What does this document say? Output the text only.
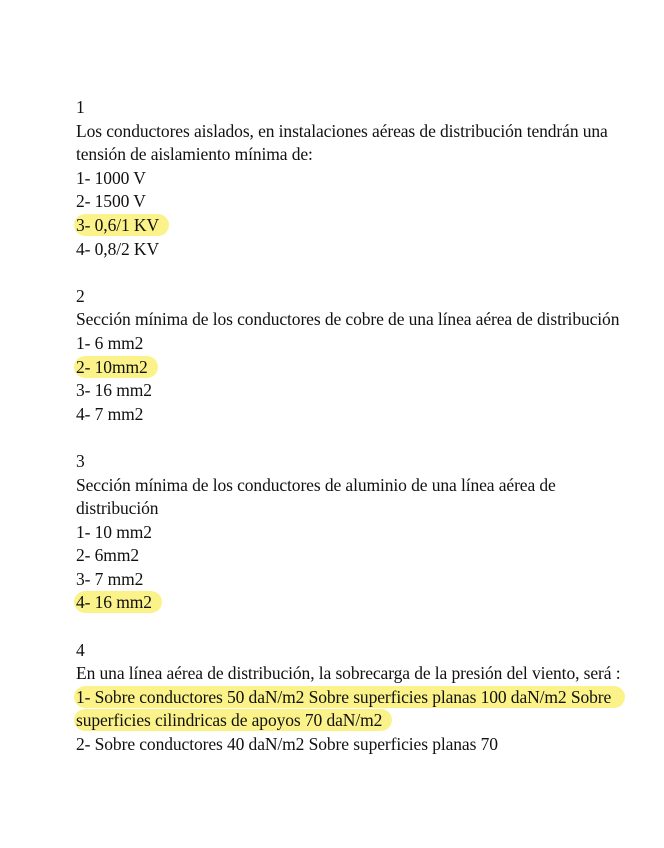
1
Los conductores aislados, en instalaciones aéreas de distribución tendrán una tensión de aislamiento mínima de:
1- 1000 V
2- 1500 V
3- 0,6/1 KV
4- 0,8/2 KV
2
Sección mínima de los conductores de cobre de una línea aérea de distribución
1- 6 mm2
2- 10mm2
3- 16 mm2
4- 7 mm2
3
Sección mínima de los conductores de aluminio de una línea aérea de distribución
1- 10 mm2
2- 6mm2
3- 7 mm2
4- 16 mm2
4
En una línea aérea de distribución, la sobrecarga de la presión del viento, será :
1- Sobre conductores 50 daN/m2 Sobre superficies planas 100 daN/m2 Sobre superficies cilindricas de apoyos 70 daN/m2
2- Sobre conductores 40 daN/m2 Sobre superficies planas 70
